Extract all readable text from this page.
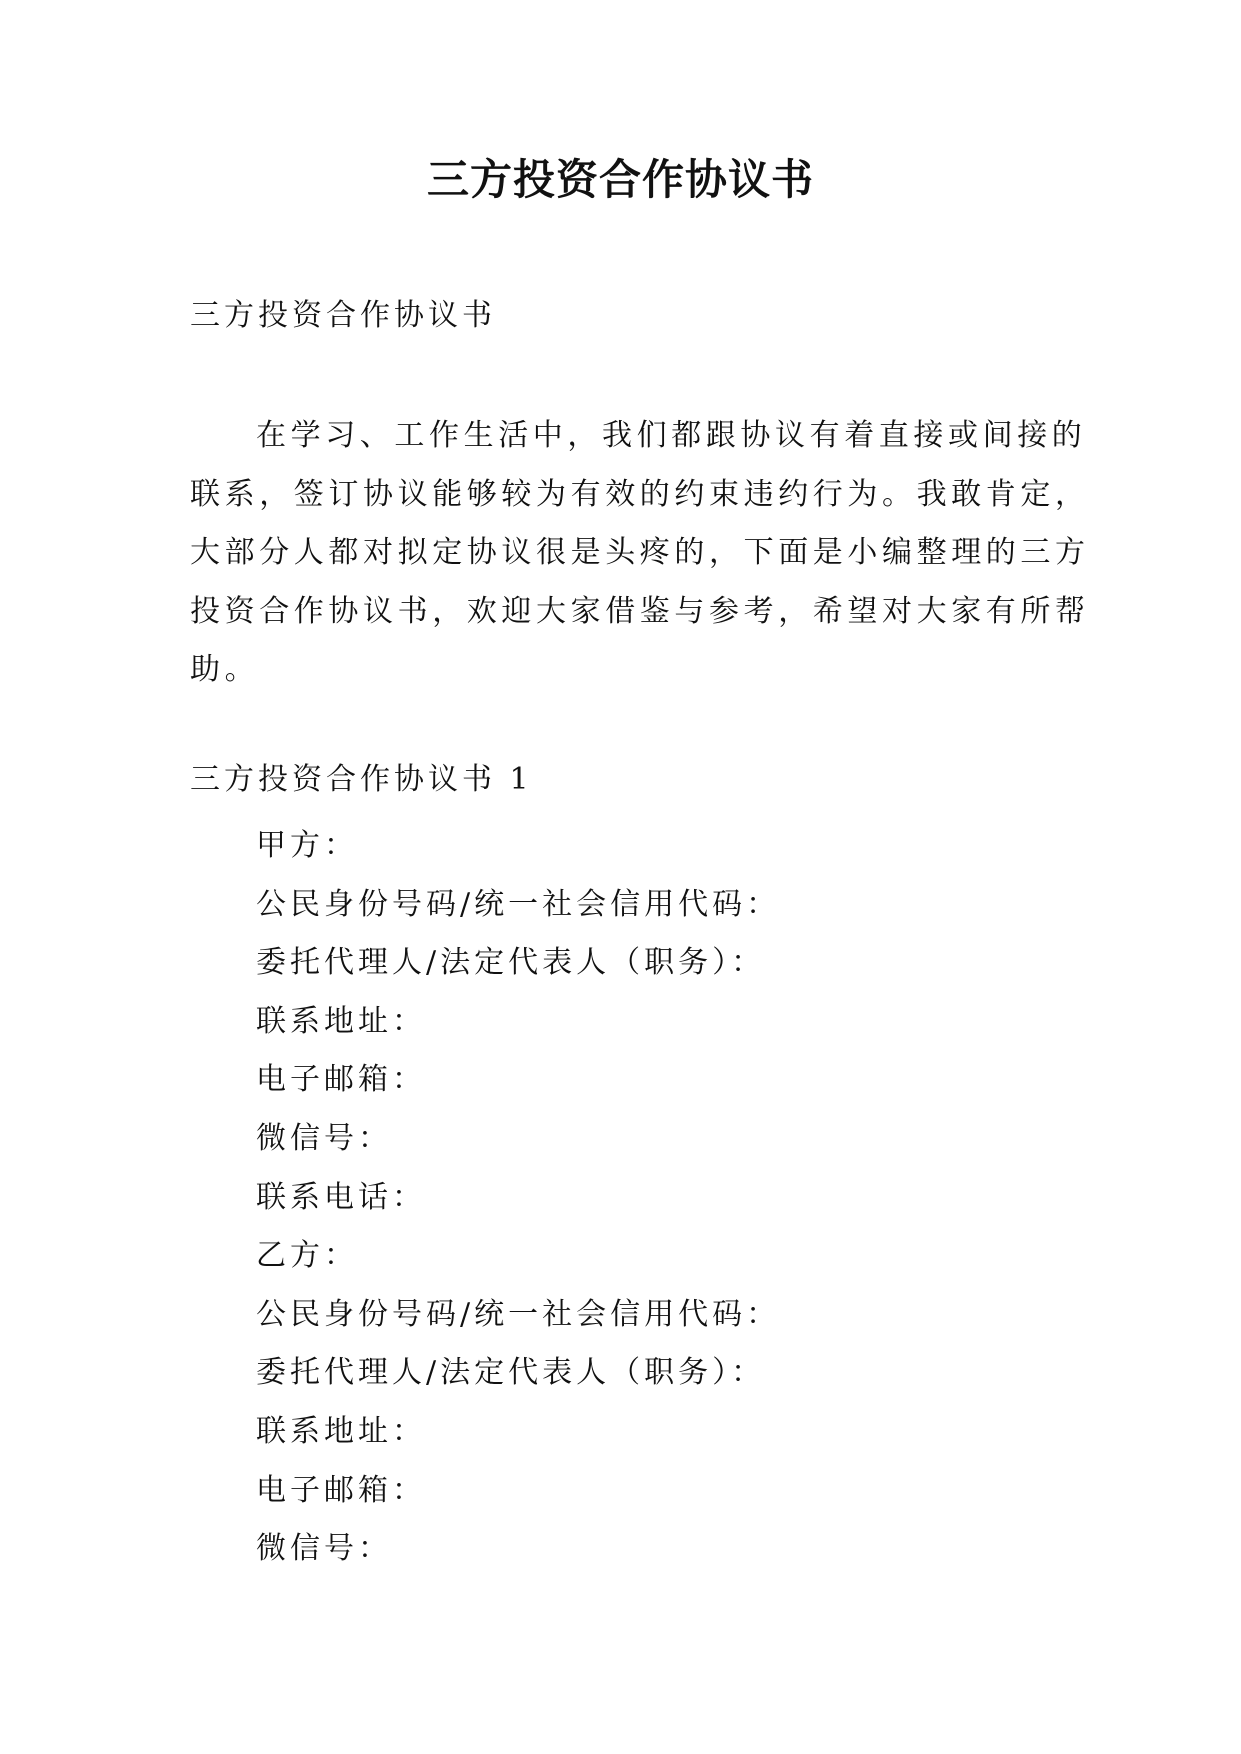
三方投资合作协议书

三方投资合作协议书

在学习、工作生活中，我们都跟协议有着直接或间接的
联系，签订协议能够较为有效的约束违约行为。我敢肯定，
大部分人都对拟定协议很是头疼的，下面是小编整理的三方
投资合作协议书，欢迎大家借鉴与参考，希望对大家有所帮
助。

三方投资合作协议书 1

甲方：
公民身份号码/统一社会信用代码：
委托代理人/法定代表人（职务）：
联系地址：
电子邮箱：
微信号：
联系电话：
乙方：
公民身份号码/统一社会信用代码：
委托代理人/法定代表人（职务）：
联系地址：
电子邮箱：
微信号：
